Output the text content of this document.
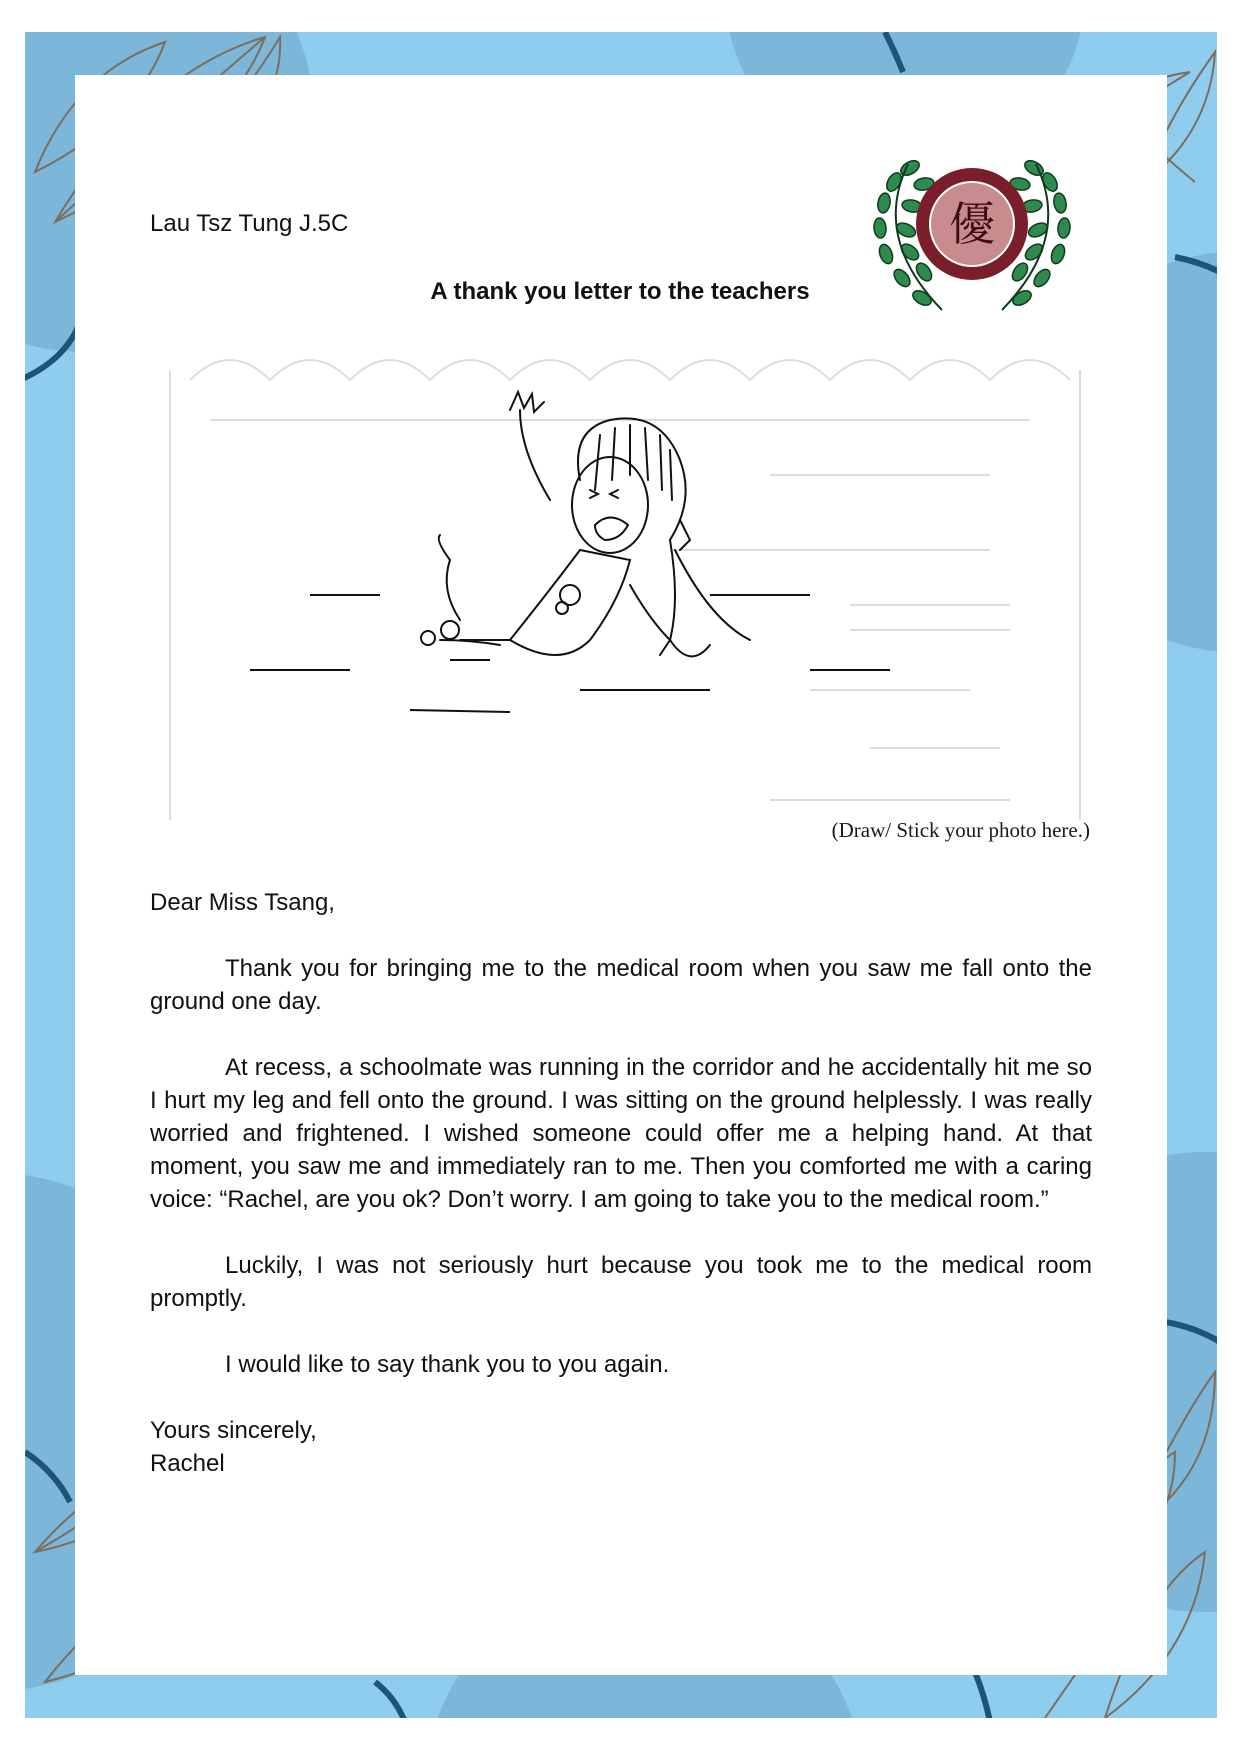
Lau Tsz Tung J.5C
A thank you letter to the teachers
優
(Draw/ Stick your photo here.)
Dear Miss Tsang,

Thank you for bringing me to the medical room when you saw me fall onto the ground one day.

At recess, a schoolmate was running in the corridor and he accidentally hit me so I hurt my leg and fell onto the ground. I was sitting on the ground helplessly. I was really worried and frightened. I wished someone could offer me a helping hand. At that moment, you saw me and immediately ran to me. Then you comforted me with a caring voice: “Rachel, are you ok? Don’t worry. I am going to take you to the medical room.”

Luckily, I was not seriously hurt because you took me to the medical room promptly.

I would like to say thank you to you again.

Yours sincerely,
Rachel
